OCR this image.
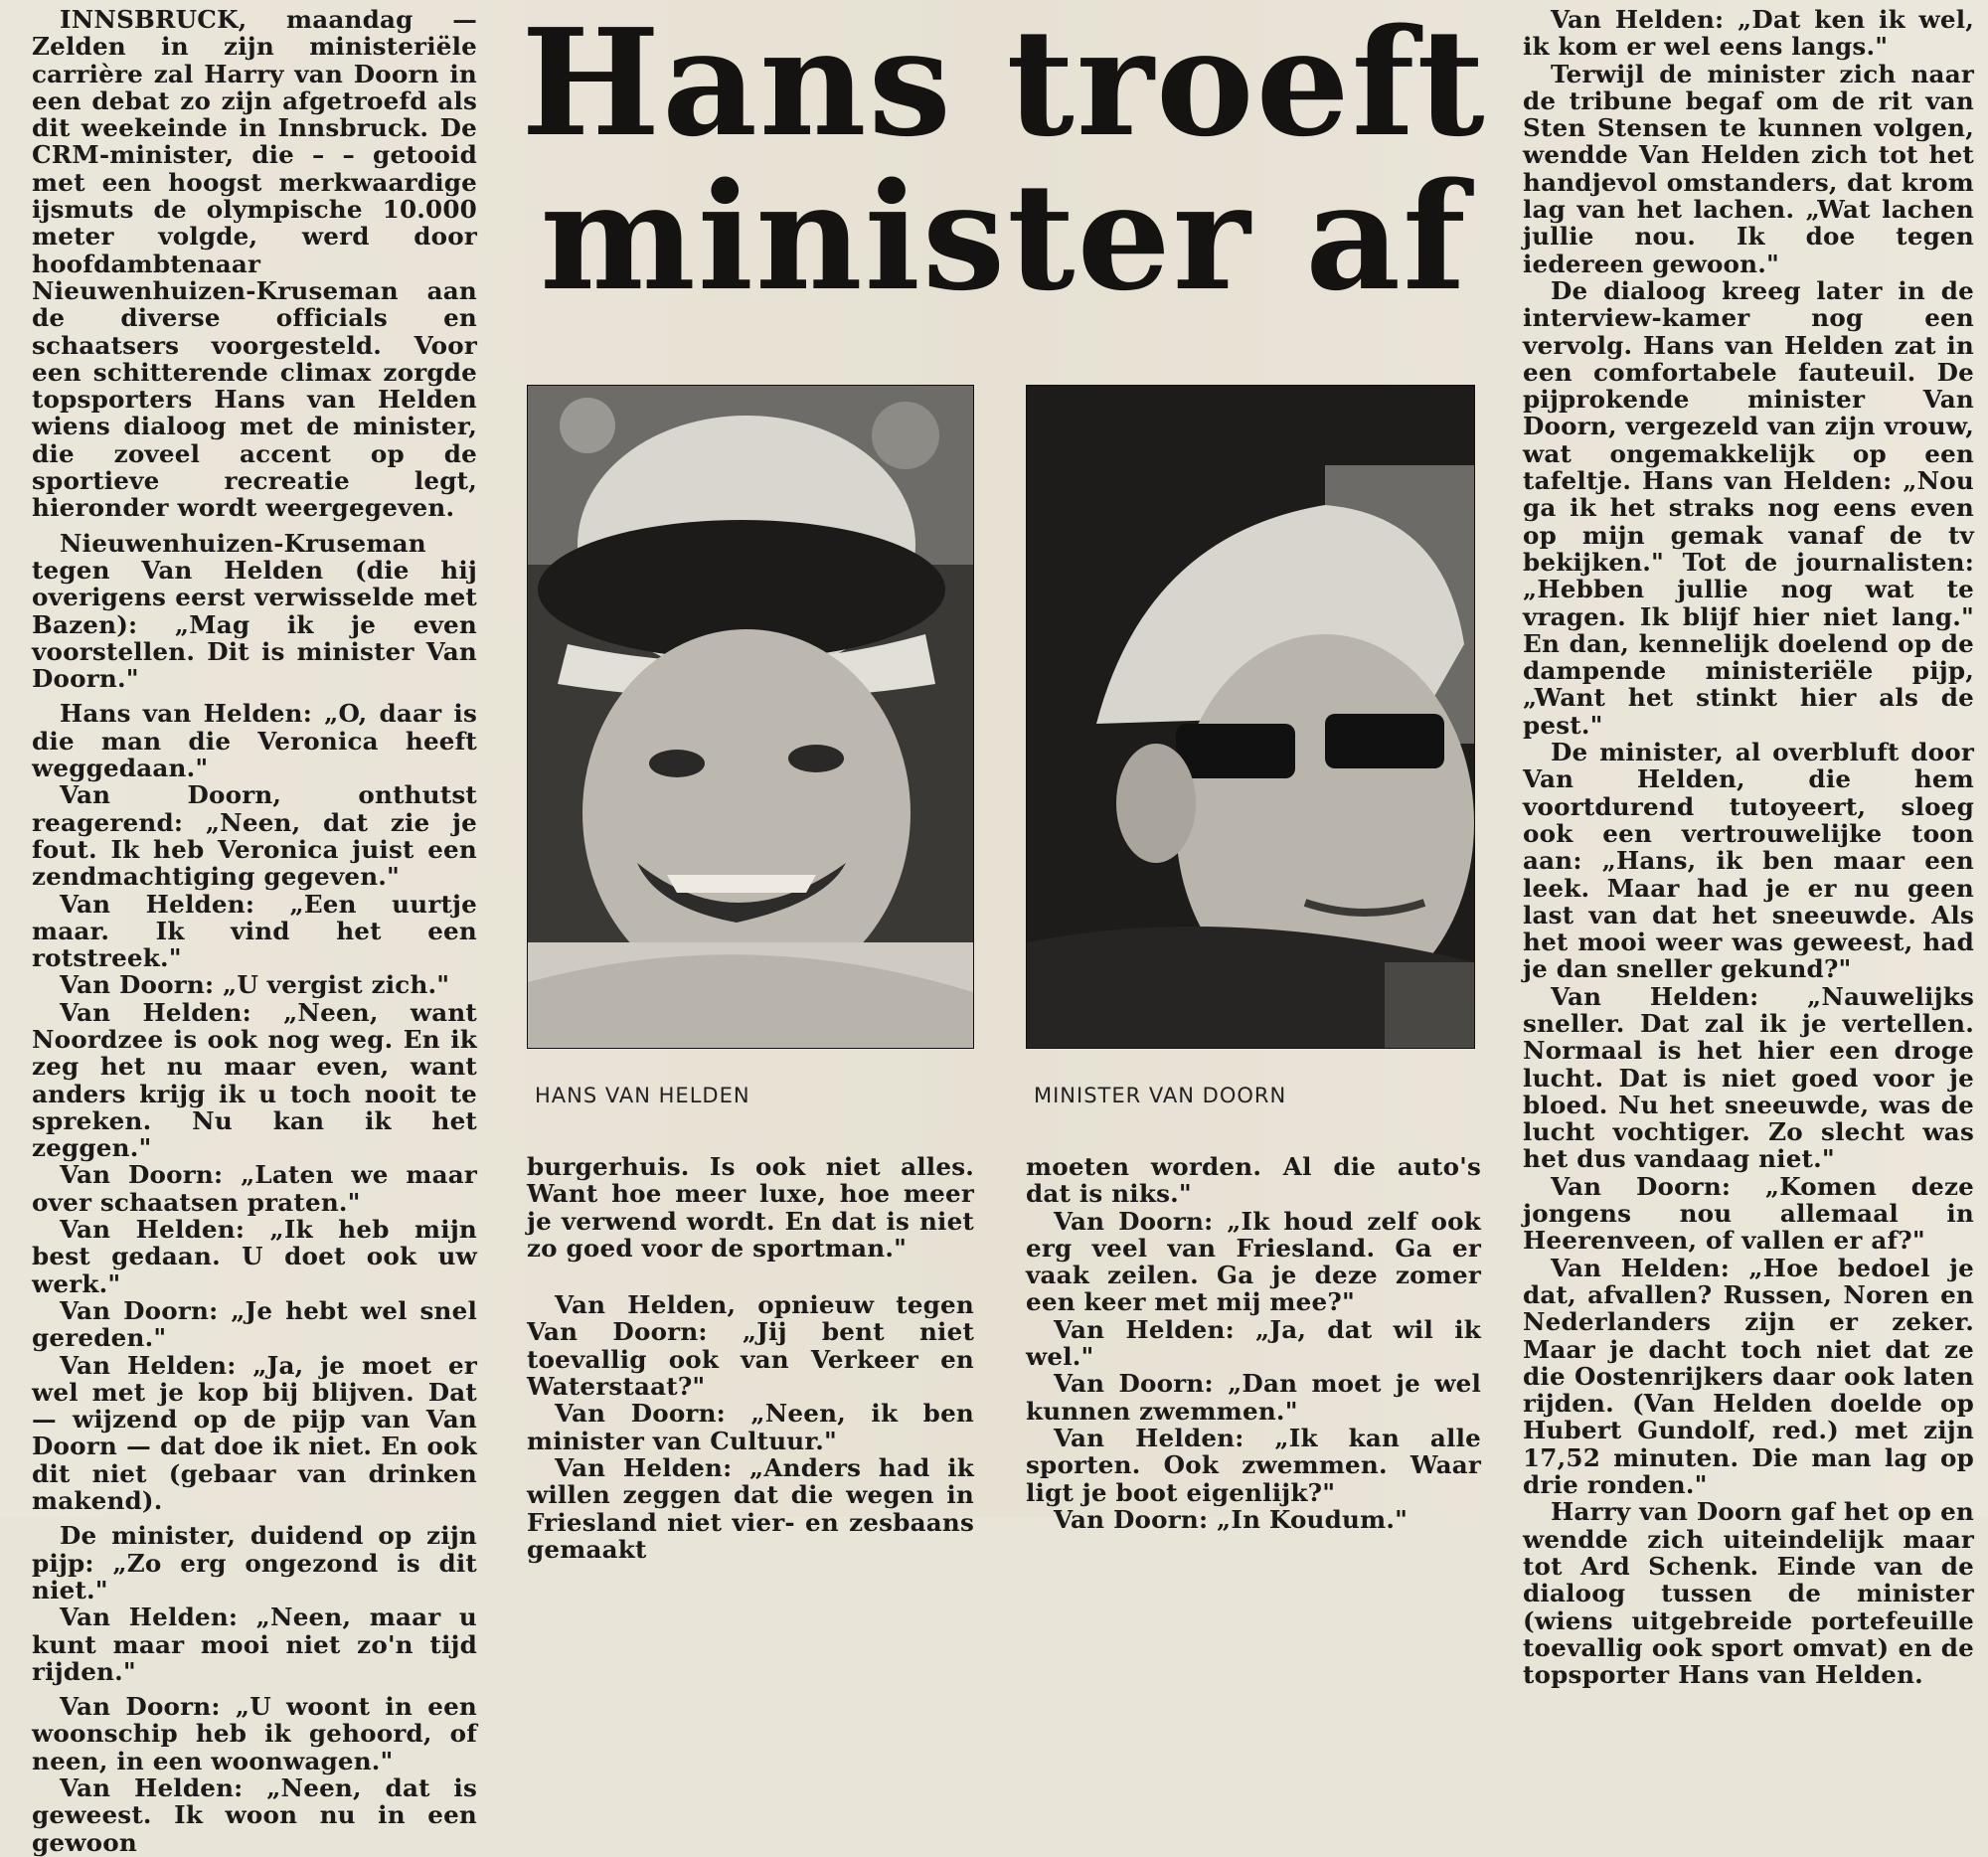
INNSBRUCK, maandag — Zelden in zijn ministeriële carrière zal Harry van Doorn in een debat zo zijn afgetroefd als dit weekeinde in Innsbruck. De CRM-minister, die – – getooid met een hoogst merkwaardige ijsmuts de olympische 10.000 meter volgde, werd door hoofdambtenaar Nieuwenhuizen-Kruseman aan de diverse officials en schaatsers voorgesteld. Voor een schitterende climax zorgde topsporters Hans van Helden wiens dialoog met de minister, die zoveel accent op de sportieve recreatie legt, hieronder wordt weergegeven.

Nieuwenhuizen-Kruseman tegen Van Helden (die hij overigens eerst verwisselde met Bazen): „Mag ik je even voorstellen. Dit is minister Van Doorn."

Hans van Helden: „O, daar is die man die Veronica heeft weggedaan."

Van Doorn, onthutst reagerend: „Neen, dat zie je fout. Ik heb Veronica juist een zendmachtiging gegeven."

Van Helden: „Een uurtje maar. Ik vind het een rotstreek."

Van Doorn: „U vergist zich."

Van Helden: „Neen, want Noordzee is ook nog weg. En ik zeg het nu maar even, want anders krijg ik u toch nooit te spreken. Nu kan ik het zeggen."

Van Doorn: „Laten we maar over schaatsen praten."

Van Helden: „Ik heb mijn best gedaan. U doet ook uw werk."

Van Doorn: „Je hebt wel snel gereden."

Van Helden: „Ja, je moet er wel met je kop bij blijven. Dat — wijzend op de pijp van Van Doorn — dat doe ik niet. En ook dit niet (gebaar van drinken makend).

De minister, duidend op zijn pijp: „Zo erg ongezond is dit niet."

Van Helden: „Neen, maar u kunt maar mooi niet zo'n tijd rijden."

Van Doorn: „U woont in een woonschip heb ik gehoord, of neen, in een woonwagen."

Van Helden: „Neen, dat is geweest. Ik woon nu in een gewoon

Hans troeft
minister af
HANS VAN HELDEN	MINISTER VAN DOORN

burgerhuis. Is ook niet alles. Want hoe meer luxe, hoe meer je verwend wordt. En dat is niet zo goed voor de sportman."

Van Helden, opnieuw tegen Van Doorn: „Jij bent niet toevallig ook van Verkeer en Waterstaat?"

Van Doorn: „Neen, ik ben minister van Cultuur."

Van Helden: „Anders had ik willen zeggen dat die wegen in Friesland niet vier- en zesbaans gemaakt

moeten worden. Al die auto's dat is niks."

Van Doorn: „Ik houd zelf ook erg veel van Friesland. Ga er vaak zeilen. Ga je deze zomer een keer met mij mee?"

Van Helden: „Ja, dat wil ik wel."

Van Doorn: „Dan moet je wel kunnen zwemmen."

Van Helden: „Ik kan alle sporten. Ook zwemmen. Waar ligt je boot eigenlijk?"

Van Doorn: „In Koudum."

Van Helden: „Dat ken ik wel, ik kom er wel eens langs."

Terwijl de minister zich naar de tribune begaf om de rit van Sten Stensen te kunnen volgen, wendde Van Helden zich tot het handjevol omstanders, dat krom lag van het lachen. „Wat lachen jullie nou. Ik doe tegen iedereen gewoon."

De dialoog kreeg later in de interview-kamer nog een vervolg. Hans van Helden zat in een comfortabele fauteuil. De pijprokende minister Van Doorn, vergezeld van zijn vrouw, wat ongemakkelijk op een tafeltje. Hans van Helden: „Nou ga ik het straks nog eens even op mijn gemak vanaf de tv bekijken." Tot de journalisten: „Hebben jullie nog wat te vragen. Ik blijf hier niet lang." En dan, kennelijk doelend op de dampende ministeriële pijp, „Want het stinkt hier als de pest."

De minister, al overbluft door Van Helden, die hem voortdurend tutoyeert, sloeg ook een vertrouwelijke toon aan: „Hans, ik ben maar een leek. Maar had je er nu geen last van dat het sneeuwde. Als het mooi weer was geweest, had je dan sneller gekund?"

Van Helden: „Nauwelijks sneller. Dat zal ik je vertellen. Normaal is het hier een droge lucht. Dat is niet goed voor je bloed. Nu het sneeuwde, was de lucht vochtiger. Zo slecht was het dus vandaag niet."

Van Doorn: „Komen deze jongens nou allemaal in Heerenveen, of vallen er af?"

Van Helden: „Hoe bedoel je dat, afvallen? Russen, Noren en Nederlanders zijn er zeker. Maar je dacht toch niet dat ze die Oostenrijkers daar ook laten rijden. (Van Helden doelde op Hubert Gundolf, red.) met zijn 17,52 minuten. Die man lag op drie ronden."

Harry van Doorn gaf het op en wendde zich uiteindelijk maar tot Ard Schenk. Einde van de dialoog tussen de minister (wiens uitgebreide portefeuille toevallig ook sport omvat) en de topsporter Hans van Helden.
